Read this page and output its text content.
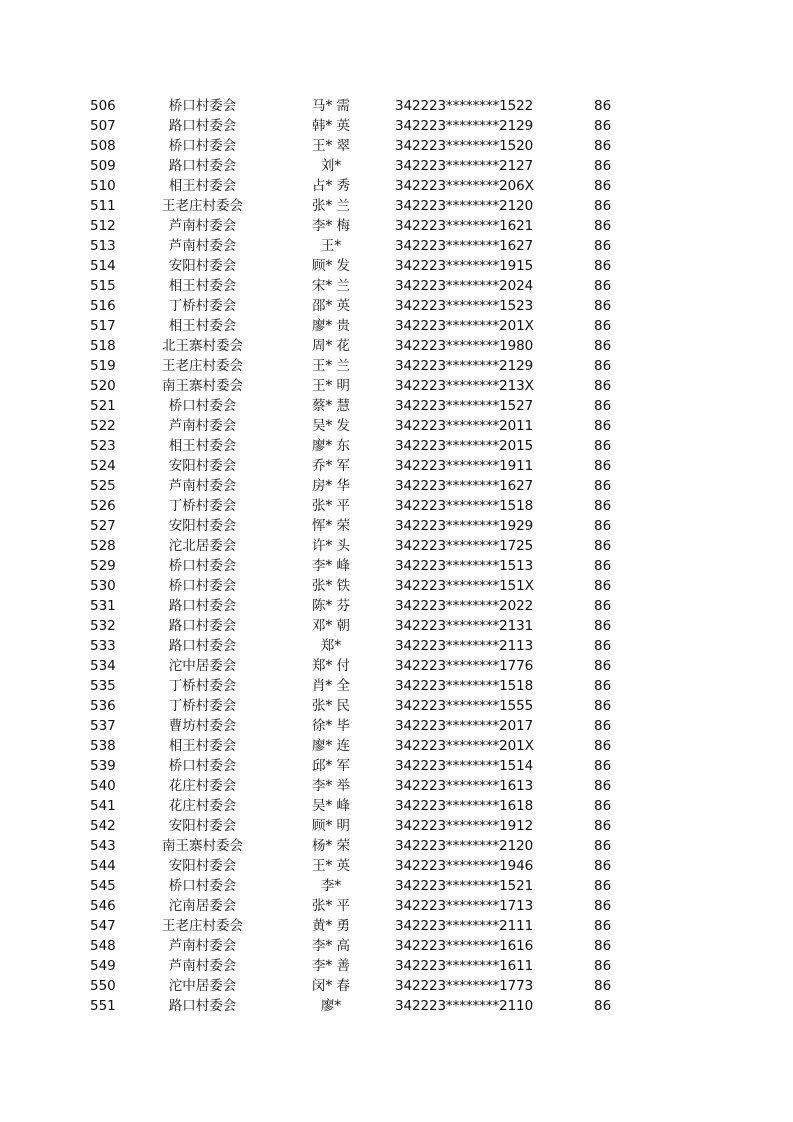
506	桥口村委会	马* 需	342223********1522	86
507	路口村委会	韩* 英	342223********2129	86
508	桥口村委会	王* 翠	342223********1520	86
509	路口村委会	刘*	342223********2127	86
510	相王村委会	占* 秀	342223********206X	86
511	王老庄村委会	张* 兰	342223********2120	86
512	芦南村委会	李* 梅	342223********1621	86
513	芦南村委会	王*	342223********1627	86
514	安阳村委会	顾* 发	342223********1915	86
515	相王村委会	宋* 兰	342223********2024	86
516	丁桥村委会	邵* 英	342223********1523	86
517	相王村委会	廖* 贵	342223********201X	86
518	北王寨村委会	周* 花	342223********1980	86
519	王老庄村委会	王* 兰	342223********2129	86
520	南王寨村委会	王* 明	342223********213X	86
521	桥口村委会	蔡* 慧	342223********1527	86
522	芦南村委会	吴* 发	342223********2011	86
523	相王村委会	廖* 东	342223********2015	86
524	安阳村委会	乔* 军	342223********1911	86
525	芦南村委会	房* 华	342223********1627	86
526	丁桥村委会	张* 平	342223********1518	86
527	安阳村委会	恽* 荣	342223********1929	86
528	沱北居委会	许* 头	342223********1725	86
529	桥口村委会	李* 峰	342223********1513	86
530	桥口村委会	张* 铁	342223********151X	86
531	路口村委会	陈* 芬	342223********2022	86
532	路口村委会	邓* 朝	342223********2131	86
533	路口村委会	郑*	342223********2113	86
534	沱中居委会	郑* 付	342223********1776	86
535	丁桥村委会	肖* 全	342223********1518	86
536	丁桥村委会	张* 民	342223********1555	86
537	曹坊村委会	徐* 毕	342223********2017	86
538	相王村委会	廖* 连	342223********201X	86
539	桥口村委会	邱* 军	342223********1514	86
540	花庄村委会	李* 举	342223********1613	86
541	花庄村委会	吴* 峰	342223********1618	86
542	安阳村委会	顾* 明	342223********1912	86
543	南王寨村委会	杨* 荣	342223********2120	86
544	安阳村委会	王* 英	342223********1946	86
545	桥口村委会	李*	342223********1521	86
546	沱南居委会	张* 平	342223********1713	86
547	王老庄村委会	黄* 勇	342223********2111	86
548	芦南村委会	李* 高	342223********1616	86
549	芦南村委会	李* 善	342223********1611	86
550	沱中居委会	闵* 春	342223********1773	86
551	路口村委会	廖*	342223********2110	86
